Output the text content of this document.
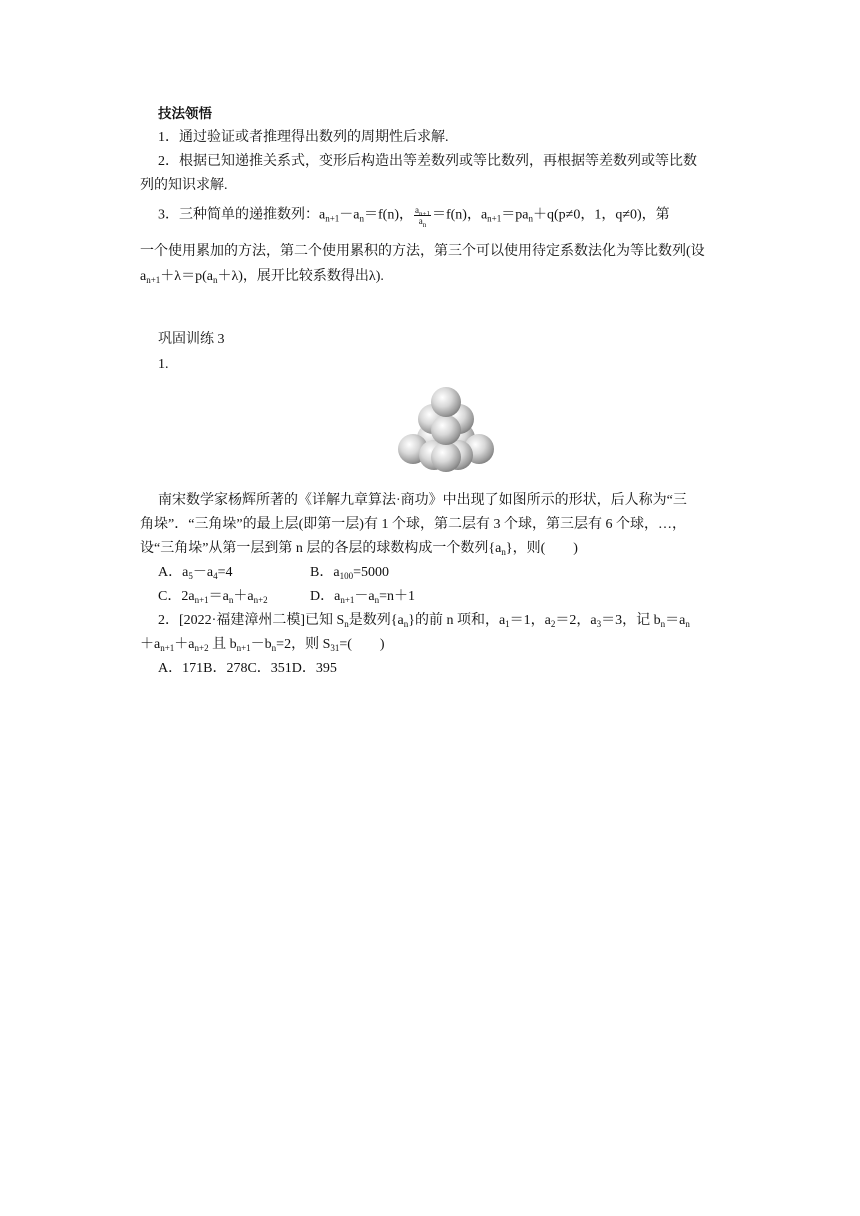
技法领悟
1．通过验证或者推理得出数列的周期性后求解.
2．根据已知递推关系式，变形后构造出等差数列或等比数列，再根据等差数列或等比数
列的知识求解.
3．三种简单的递推数列：$a_{n+1}-a_n=f(n)$， $\frac{a_{n+1}}{a_n} =f(n)$，$a_{n+1}=pa_n+q(p\ne 0$，1，q≠0)，第
一个使用累加的方法，第二个使用累积的方法，第三个可以使用待定系数法化为等比数列(设
$a_{n+1}+\lambda=p(a_n+\lambda)$，展开比较系数得出λ).
巩固训练 3
1.
南宋数学家杨辉所著的《详解九章算法·商功》中出现了如图所示的形状，后人称为“三
角垛”．“三角垛”的最上层(即第一层)有 1 个球，第二层有 3 个球，第三层有 6 个球，…，
设“三角垛”从第一层到第 n 层的各层的球数构成一个数列$\{a_n\}$，则(　　)
A．$a_5-a_4=4$	B．$a_{100}=5000$
C．$2a_{n+1}=a_n+a_{n+2}$	D．$a_{n+1}-a_n=n+1$
2．[2022·福建漳州二模]已知 $S_n$是数列$\{a_n\}$的前 n 项和，$a_1=1$，$a_2=2$，$a_3=3$，记 $b_n=a_n$
$+a_{n+1}+a_{n+2}$ 且 $b_{n+1}-b_n=2$，则 $S_{31}=$(　　)
A．171B．278C．351D．395
